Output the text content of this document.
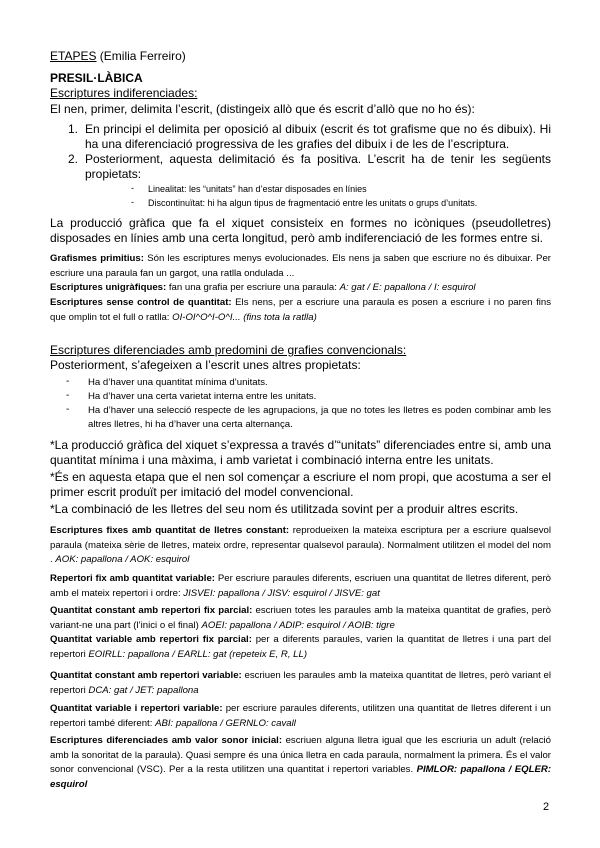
ETAPES (Emilia Ferreiro)
PRESIL·LÀBICA
Escriptures indiferenciades:
El nen, primer, delimita l’escrit, (distingeix allò que és escrit d’allò que no ho és):
1. En principi el delimita per oposició al dibuix (escrit és tot grafisme que no és dibuix). Hi ha una diferenciació progressiva de les grafies del dibuix i de les de l’escriptura.
2. Posteriorment, aquesta delimitació és fa positiva. L’escrit ha de tenir les següents propietats:
- Linealitat: les “unitats” han d’estar disposades en línies
- Discontinuïtat: hi ha algun tipus de fragmentació entre les unitats o grups d’unitats.
La producció gràfica que fa el xiquet consisteix en formes no icòniques (pseudolletres) disposades en línies amb una certa longitud, però amb indiferenciació de les formes entre si.
Grafismes primitius: Són les escriptures menys evolucionades. Els nens ja saben que escriure no és dibuixar. Per escriure una paraula fan un gargot, una ratlla ondulada ...
Escriptures unigràfiques: fan una grafia per escriure una paraula: A: gat / E: papallona / I: esquirol
Escriptures sense control de quantitat: Els nens, per a escriure una paraula es posen a escriure i no paren fins que omplin tot el full o ratlla: OI-OI^O^I-O^I... (fins tota la ratlla)
Escriptures diferenciades amb predomini de grafies convencionals:
Posteriorment, s’afegeixen a l’escrit unes altres propietats:
- Ha d’haver una quantitat mínima d’unitats.
- Ha d’haver una certa varietat interna entre les unitats.
- Ha d’haver una selecció respecte de les agrupacions, ja que no totes les lletres es poden combinar amb les altres lletres, hi ha d’haver una certa alternança.
*La producció gràfica del xiquet s’expressa a través d’“unitats” diferenciades entre si, amb una quantitat mínima i una màxima, i amb varietat i combinació interna entre les unitats.
*És en aquesta etapa que el nen sol començar a escriure el nom propi, que acostuma a ser el primer escrit produït per imitació del model convencional.
*La combinació de les lletres del seu nom és utilitzada sovint per a produir altres escrits.
Escriptures fixes amb quantitat de lletres constant: reprodueixen la mateixa escriptura per a escriure qualsevol paraula (mateixa sèrie de lletres, mateix ordre, representar qualsevol paraula). Normalment utilitzen el model del nom . AOK: papallona / AOK: esquirol
Repertori fix amb quantitat variable: Per escriure paraules diferents, escriuen una quantitat de lletres diferent, però amb el mateix repertori i ordre: JISVEI: papallona / JISV: esquirol / JISVE: gat
Quantitat constant amb repertori fix parcial: escriuen totes les paraules amb la mateixa quantitat de grafies, però variant-ne una part (l’inici o el final) AOEI: papallona / ADIP: esquirol / AOIB: tigre
Quantitat variable amb repertori fix parcial: per a diferents paraules, varien la quantitat de lletres i una part del repertori EOIRLL: papallona / EARLL: gat (repeteix E, R, LL)
Quantitat constant amb repertori variable: escriuen les paraules amb la mateixa quantitat de lletres, però variant el repertori DCA: gat / JET: papallona
Quantitat variable i repertori variable: per escriure paraules diferents, utilitzen una quantitat de lletres diferent i un repertori també diferent: ABI: papallona / GERNLO: cavall
Escriptures diferenciades amb valor sonor inicial: escriuen alguna lletra igual que les escriuria un adult (relació amb la sonoritat de la paraula). Quasi sempre és una única lletra en cada paraula, normalment la primera. És el valor sonor convencional (VSC). Per a la resta utilitzen una quantitat i repertori variables. PIMLOR: papallona / EQLER: esquirol
2
